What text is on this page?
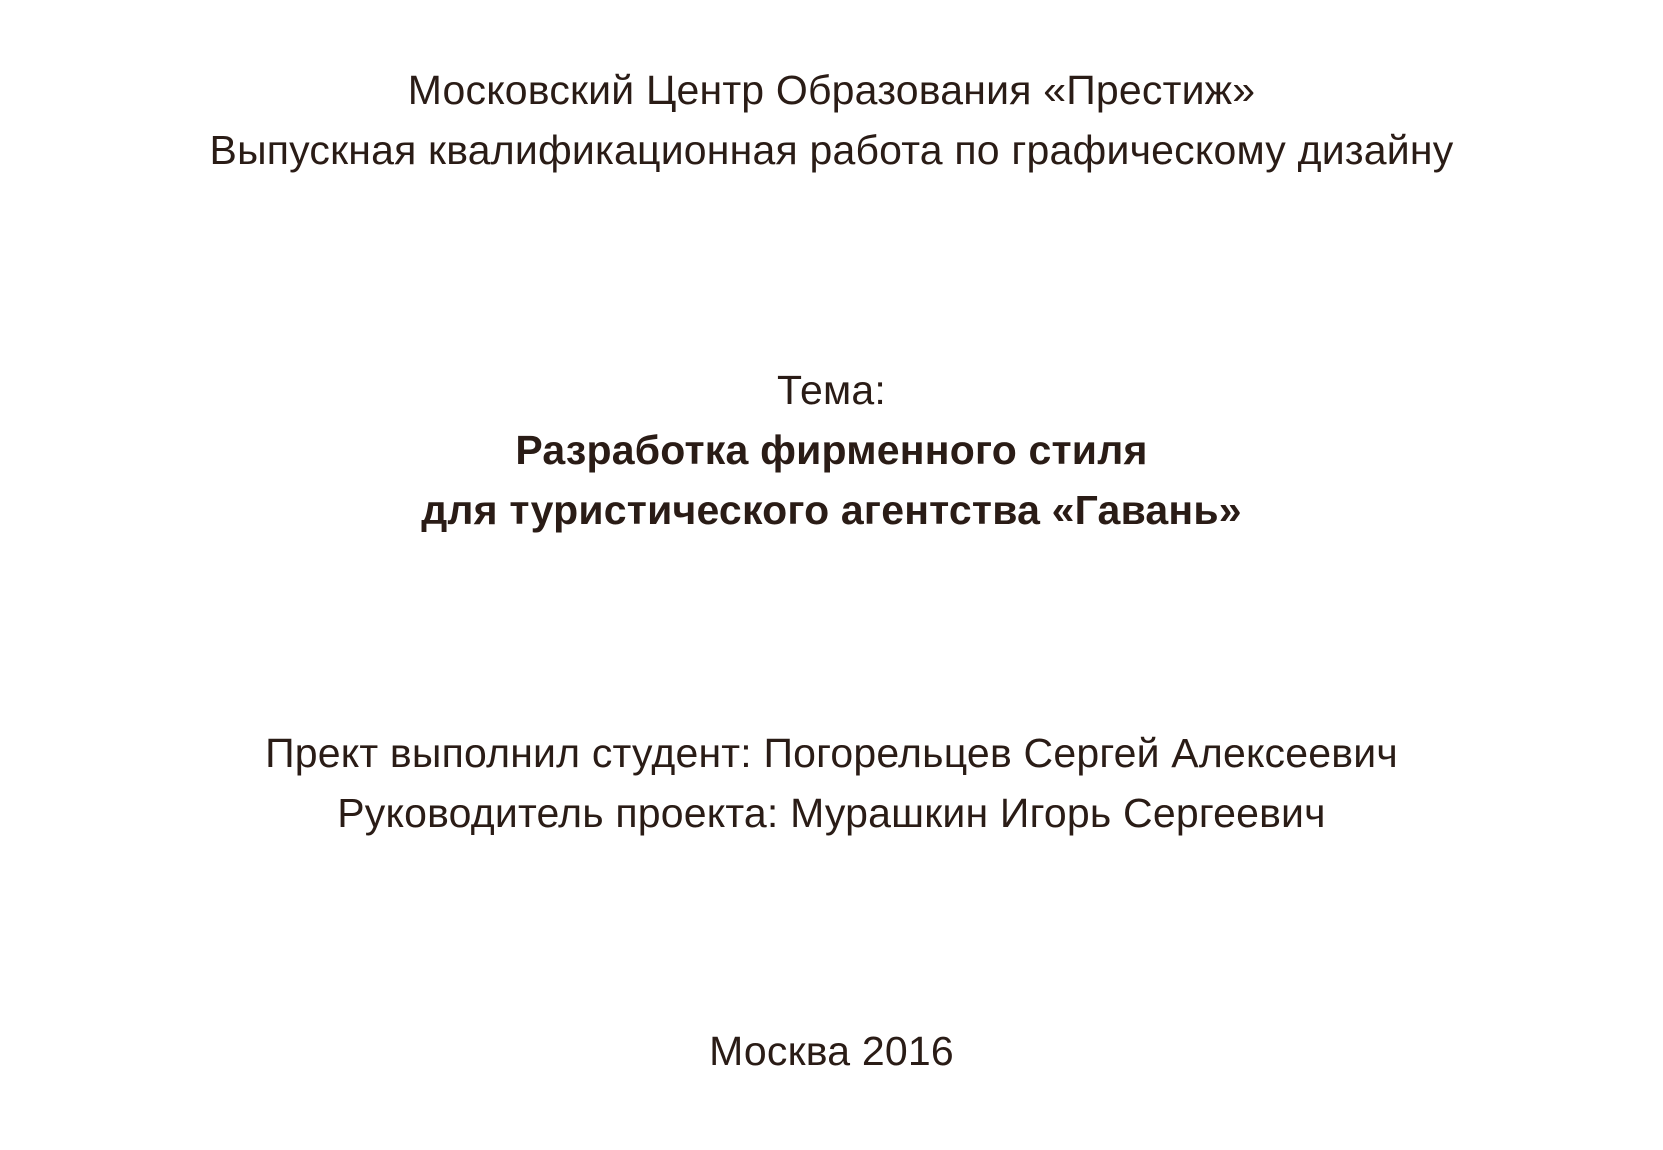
Московский Центр Образования «Престиж»
Выпускная квалификационная работа по графическому дизайну
Тема:
Разработка фирменного стиля
для туристического агентства «Гавань»
Прект выполнил студент: Погорельцев Сергей Алексеевич
Руководитель проекта: Мурашкин Игорь Сергеевич
Москва 2016
